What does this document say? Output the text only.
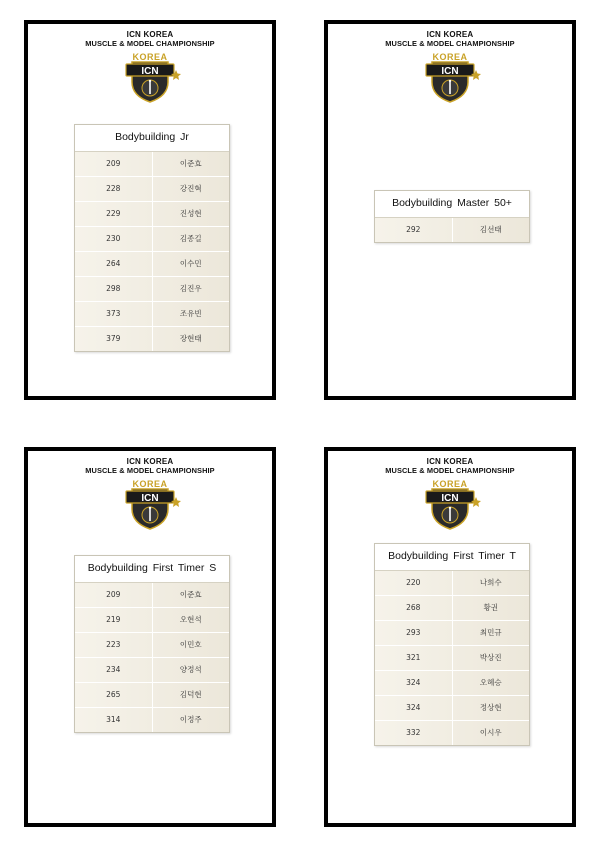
ICN KOREA
MUSCLE & MODEL CHAMPIONSHIP
KOREA
ICN
Bodybuilding Jr
209	이준효
228	강진혁
229	진성현
230	김종길
264	이수민
298	김진우
373	조유빈
379	장현태
ICN KOREA
MUSCLE & MODEL CHAMPIONSHIP
KOREA
ICN
Bodybuilding Master 50+
292	김선태
ICN KOREA
MUSCLE & MODEL CHAMPIONSHIP
KOREA
ICN
Bodybuilding First Timer S
209	이준효
219	오현석
223	이민호
234	양정석
265	김덕현
314	이정주
ICN KOREA
MUSCLE & MODEL CHAMPIONSHIP
KOREA
ICN
Bodybuilding First Timer T
220	나희수
268	황권
293	최민규
321	박상진
324	오혜승
324	정상현
332	이시우
